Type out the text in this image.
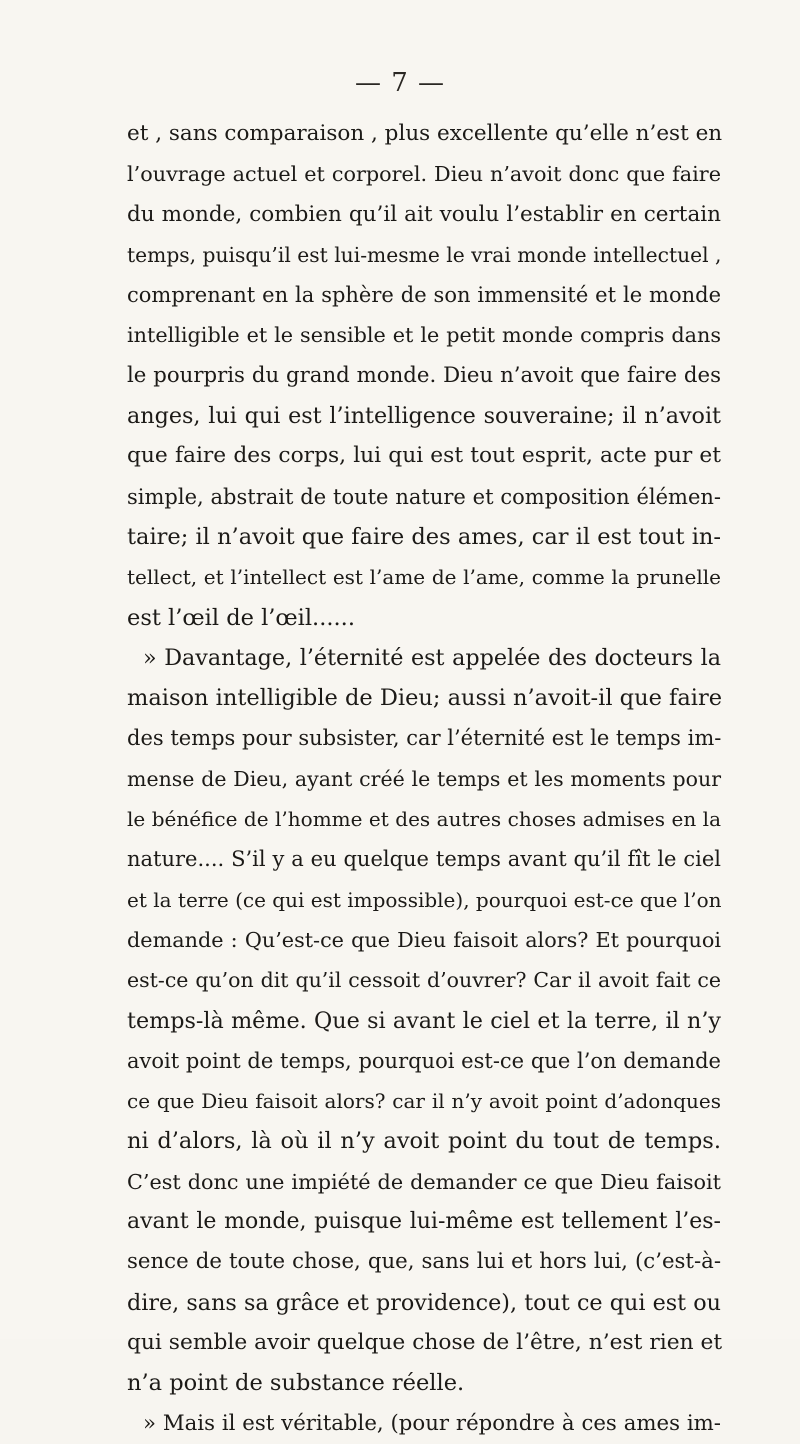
— 7 —
et , sans comparaison , plus excellente qu’elle n’est en
l’ouvrage actuel et corporel. Dieu n’avoit donc que faire
du monde, combien qu’il ait voulu l’establir en certain
temps, puisqu’il est lui-mesme le vrai monde intellectuel ,
comprenant en la sphère de son immensité et le monde
intelligible et le sensible et le petit monde compris dans
le pourpris du grand monde. Dieu n’avoit que faire des
anges, lui qui est l’intelligence souveraine; il n’avoit
que faire des corps, lui qui est tout esprit, acte pur et
simple, abstrait de toute nature et composition élémen-
taire; il n’avoit que faire des ames, car il est tout in-
tellect, et l’intellect est l’ame de l’ame, comme la prunelle
est l’œil de l’œil......
» Davantage, l’éternité est appelée des docteurs la
maison intelligible de Dieu; aussi n’avoit-il que faire
des temps pour subsister, car l’éternité est le temps im-
mense de Dieu, ayant créé le temps et les moments pour
le bénéfice de l’homme et des autres choses admises en la
nature.... S’il y a eu quelque temps avant qu’il fît le ciel
et la terre (ce qui est impossible), pourquoi est-ce que l’on
demande : Qu’est-ce que Dieu faisoit alors? Et pourquoi
est-ce qu’on dit qu’il cessoit d’ouvrer? Car il avoit fait ce
temps-là même. Que si avant le ciel et la terre, il n’y
avoit point de temps, pourquoi est-ce que l’on demande
ce que Dieu faisoit alors? car il n’y avoit point d’adonques
ni d’alors, là où il n’y avoit point du tout de temps.
C’est donc une impiété de demander ce que Dieu faisoit
avant le monde, puisque lui-même est tellement l’es-
sence de toute chose, que, sans lui et hors lui, (c’est-à-
dire, sans sa grâce et providence), tout ce qui est ou
qui semble avoir quelque chose de l’être, n’est rien et
n’a point de substance réelle.
» Mais il est véritable, (pour répondre à ces ames im-
